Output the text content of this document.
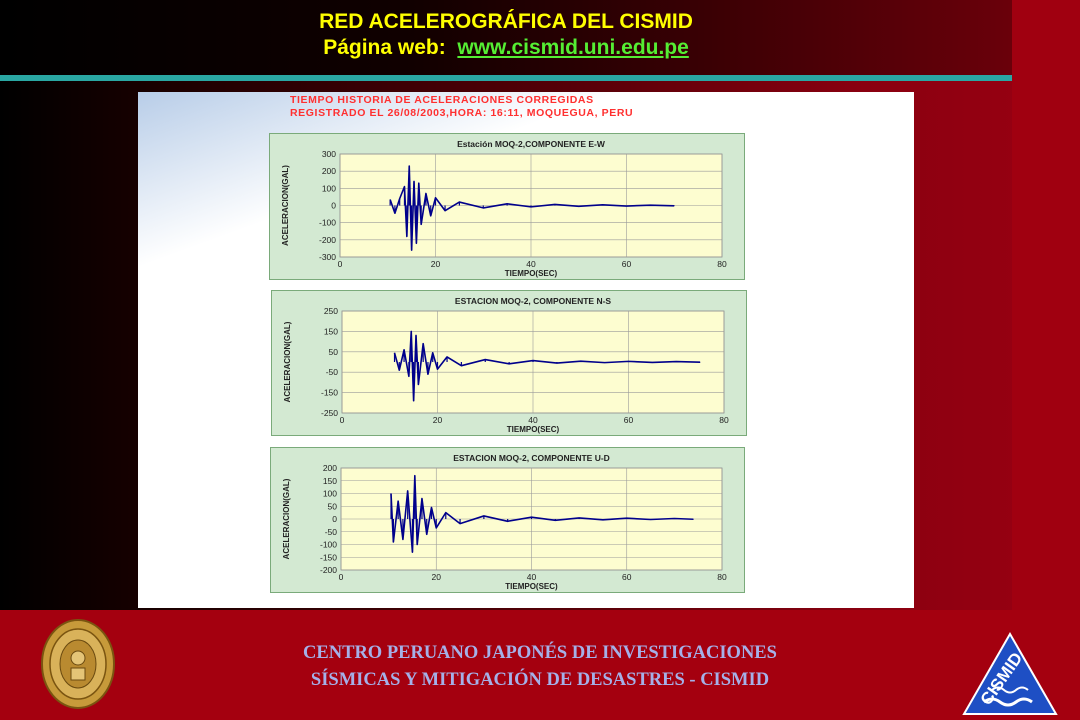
RED ACELEROGRÁFICA DEL CISMID
Página web: www.cismid.uni.edu.pe
TIEMPO HISTORIA DE ACELERACIONES CORREGIDAS
REGISTRADO EL 26/08/2003,HORA: 16:11, MOQUEGUA, PERU
Estación MOQ-2,COMPONENTE E-W
300
200
100
0
-100
-200
-300
0	20	40	60	80
TIEMPO(SEC)
ACELERACION(GAL)
ESTACION MOQ-2, COMPONENTE N-S
250
150
50
-50
-150
-250
0	20	40	60	80
TIEMPO(SEC)
ACELERACION(GAL)
ESTACION MOQ-2, COMPONENTE U-D
200
150
100
50
0
-50
-100
-150
-200
0	20	40	60	80
TIEMPO(SEC)
ACELERACION(GAL)
CENTRO PERUANO JAPONÉS DE INVESTIGACIONES
SÍSMICAS Y MITIGACIÓN DE DESASTRES - CISMID	CISMID
